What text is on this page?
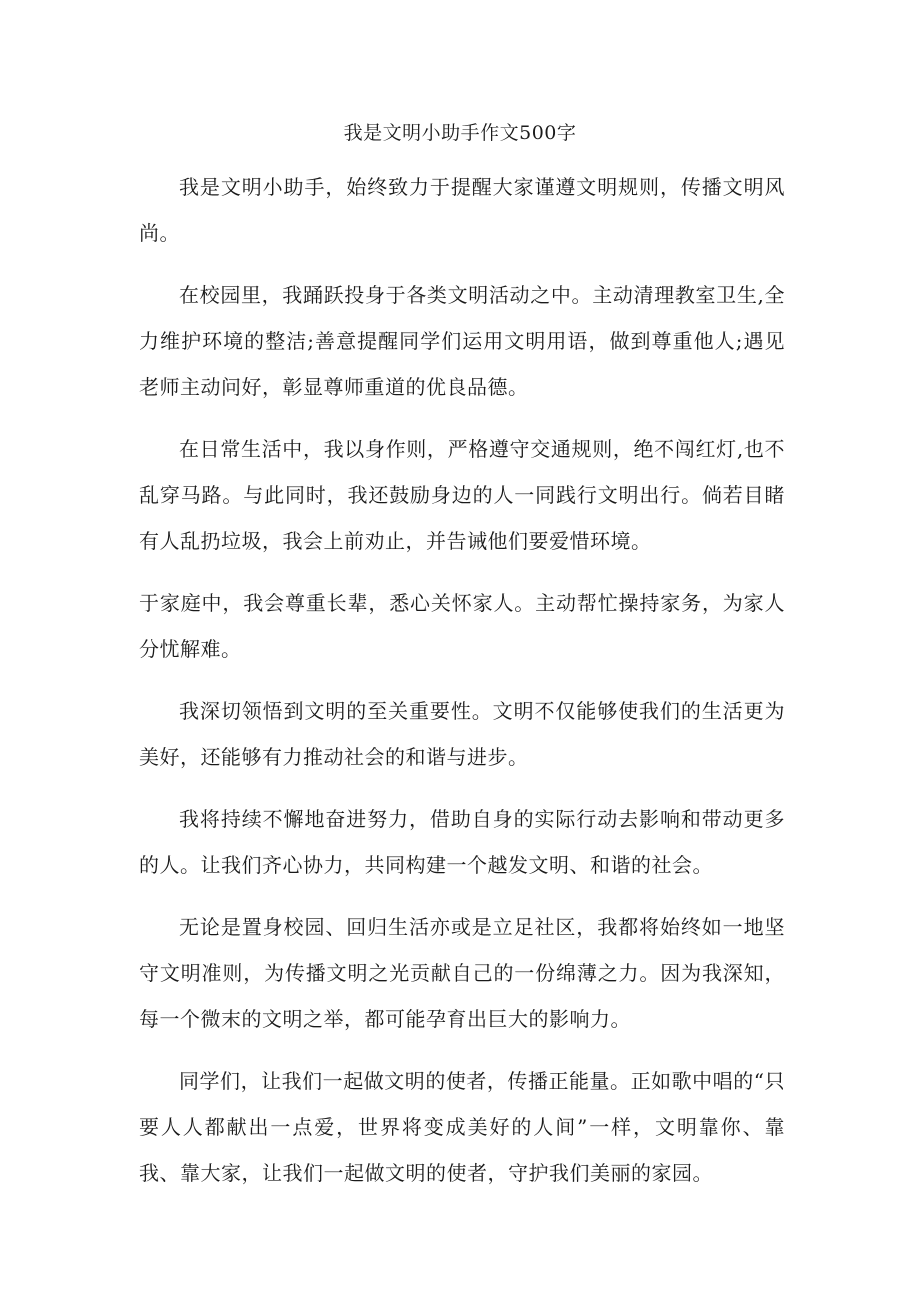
我是文明小助手作文500字

我是文明小助手，始终致力于提醒大家谨遵文明规则，传播文明风尚。

在校园里，我踊跃投身于各类文明活动之中。主动清理教室卫生,全力维护环境的整洁;善意提醒同学们运用文明用语，做到尊重他人;遇见老师主动问好，彰显尊师重道的优良品德。

在日常生活中，我以身作则，严格遵守交通规则，绝不闯红灯,也不乱穿马路。与此同时，我还鼓励身边的人一同践行文明出行。倘若目睹有人乱扔垃圾，我会上前劝止，并告诫他们要爱惜环境。

于家庭中，我会尊重长辈，悉心关怀家人。主动帮忙操持家务，为家人分忧解难。

我深切领悟到文明的至关重要性。文明不仅能够使我们的生活更为美好，还能够有力推动社会的和谐与进步。

我将持续不懈地奋进努力，借助自身的实际行动去影响和带动更多的人。让我们齐心协力，共同构建一个越发文明、和谐的社会。

无论是置身校园、回归生活亦或是立足社区，我都将始终如一地坚守文明准则，为传播文明之光贡献自己的一份绵薄之力。因为我深知，每一个微末的文明之举，都可能孕育出巨大的影响力。

同学们，让我们一起做文明的使者，传播正能量。正如歌中唱的“只要人人都献出一点爱，世界将变成美好的人间”一样，文明靠你、靠我、靠大家，让我们一起做文明的使者，守护我们美丽的家园。
